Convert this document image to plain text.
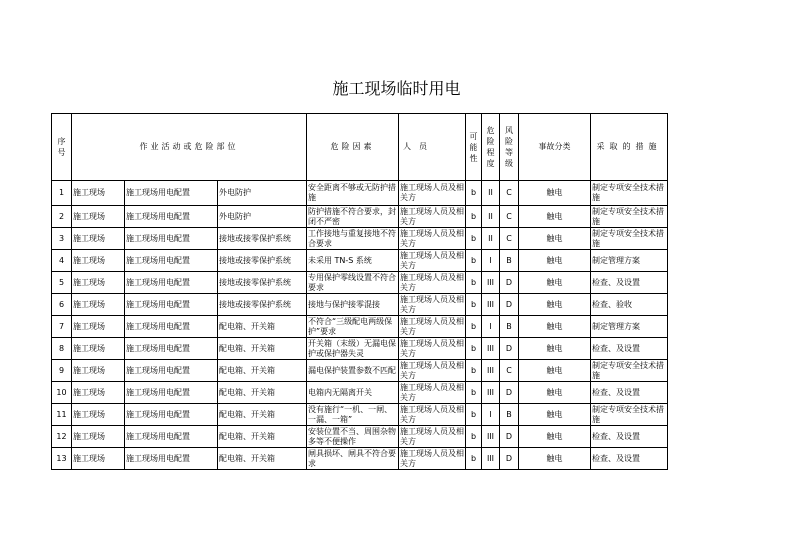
施工现场临时用电
序号	作业活动或危险部位			危险因素	人　员	可能性	危险程度	风险等级	事故分类	采取的措施
1	施工现场	施工现场用电配置	外电防护	安全距离不够或无防护措施	施工现场人员及相关方	b	II	C	触电	制定专项安全技术措施
2	施工现场	施工现场用电配置	外电防护	防护措施不符合要求，封闭不严密	施工现场人员及相关方	b	II	C	触电	制定专项安全技术措施
3	施工现场	施工现场用电配置	接地或接零保护系统	工作接地与重复接地不符合要求	施工现场人员及相关方	b	II	C	触电	制定专项安全技术措施
4	施工现场	施工现场用电配置	接地或接零保护系统	未采用 TN-S 系统	施工现场人员及相关方	b	I	B	触电	制定管理方案
5	施工现场	施工现场用电配置	接地或接零保护系统	专用保护零线设置不符合要求	施工现场人员及相关方	b	III	D	触电	检查、及设置
6	施工现场	施工现场用电配置	接地或接零保护系统	接地与保护接零混接	施工现场人员及相关方	b	III	D	触电	检查、验收
7	施工现场	施工现场用电配置	配电箱、开关箱	不符合“三级配电两级保护”要求	施工现场人员及相关方	b	I	B	触电	制定管理方案
8	施工现场	施工现场用电配置	配电箱、开关箱	开关箱（末级）无漏电保护或保护器失灵	施工现场人员及相关方	b	III	D	触电	检查、及设置
9	施工现场	施工现场用电配置	配电箱、开关箱	漏电保护装置参数不匹配	施工现场人员及相关方	b	III	C	触电	制定专项安全技术措施
10	施工现场	施工现场用电配置	配电箱、开关箱	电箱内无隔离开关	施工现场人员及相关方	b	III	D	触电	检查、及设置
11	施工现场	施工现场用电配置	配电箱、开关箱	没有施行“一机、一闸、一漏、一箱”	施工现场人员及相关方	b	I	B	触电	制定专项安全技术措施
12	施工现场	施工现场用电配置	配电箱、开关箱	安装位置不当、周围杂物多等不便操作	施工现场人员及相关方	b	III	D	触电	检查、及设置
13	施工现场	施工现场用电配置	配电箱、开关箱	闸具损坏、闸具不符合要求	施工现场人员及相关方	b	III	D	触电	检查、及设置
